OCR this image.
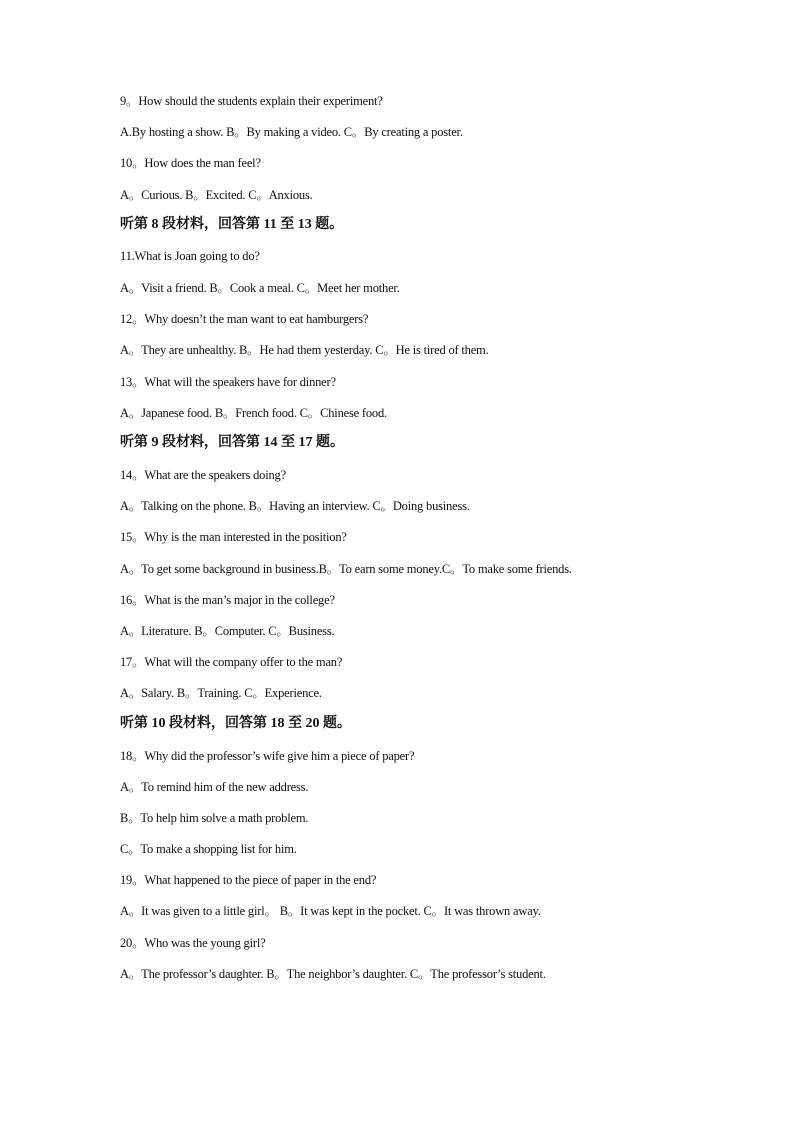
9。How should the students explain their experiment?
A.By hosting a show. B。By making a video. C。By creating a poster.
10。How does the man feel?
A。Curious. B。Excited. C。Anxious.
听第 8 段材料，回答第 11 至 13 题。
11.What is Joan going to do?
A。Visit a friend. B。Cook a meal. C。Meet her mother.
12。Why doesn’t the man want to eat hamburgers?
A。They are unhealthy. B。He had them yesterday. C。He is tired of them.
13。What will the speakers have for dinner?
A。Japanese food. B。French food. C。Chinese food.
听第 9 段材料，回答第 14 至 17 题。
14。What are the speakers doing?
A。Talking on the phone. B。Having an interview. C。Doing business.
15。Why is the man interested in the position?
A。To get some background in business.B。To earn some money.C。To make some friends.
16。What is the man’s major in the college?
A。Literature. B。Computer. C。Business.
17。What will the company offer to the man?
A。Salary. B。Training. C。Experience.
听第 10 段材料，回答第 18 至 20 题。
18。Why did the professor’s wife give him a piece of paper?
A。To remind him of the new address.
B。To help him solve a math problem.
C。To make a shopping list for him.
19。What happened to the piece of paper in the end?
A。It was given to a little girl。 B。It was kept in the pocket. C。It was thrown away.
20。Who was the young girl?
A。The professor’s daughter. B。The neighbor’s daughter. C。The professor’s student.
